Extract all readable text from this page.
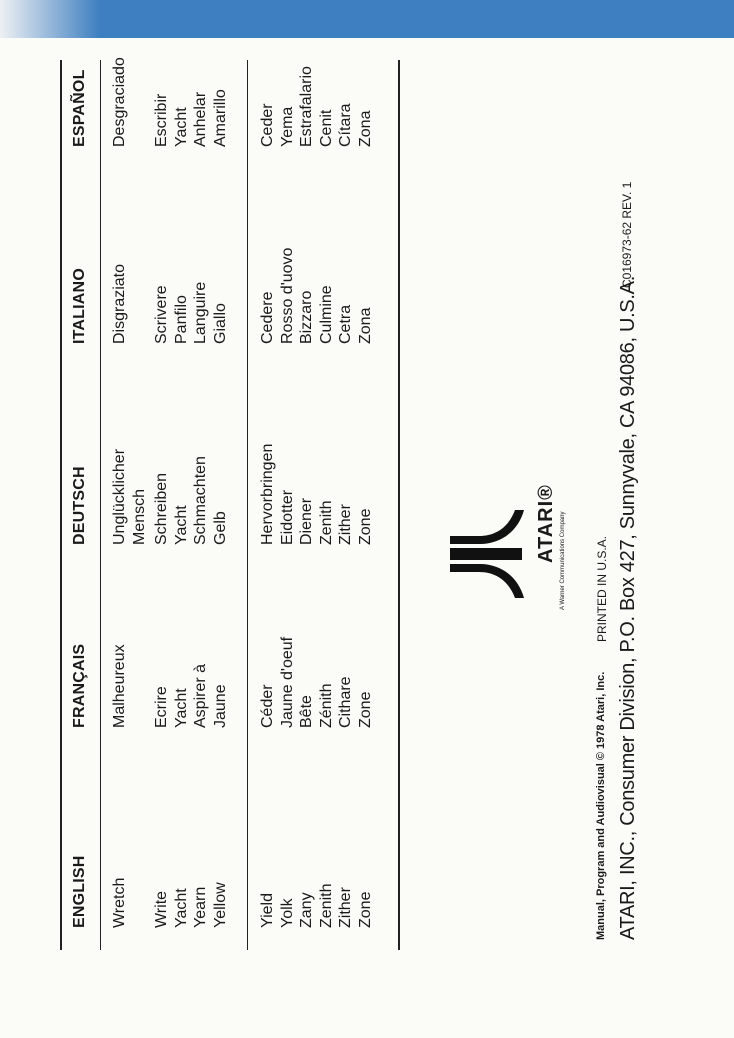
ENGLISH
FRANÇAIS
DEUTSCH
ITALIANO
ESPAÑOL
Wretch
Malheureux
Unglücklicher Mensch
Disgraziato
Desgraciado
Write
Ecrire
Schreiben
Scrivere
Escribir
Yacht
Yacht
Yacht
Panfilo
Yacht
Yearn
Aspirer à
Schmachten
Languire
Anhelar
Yellow
Jaune
Gelb
Giallo
Amarillo
Yield
Céder
Hervorbringen
Cedere
Ceder
Yolk
Jaune d'oeuf
Eidotter
Rosso d'uovo
Yema
Zany
Bête
Diener
Bizzaro
Estrafalario
Zenith
Zénith
Zenith
Culmine
Cenit
Zither
Cithare
Zither
Cetra
Cítara
Zone
Zone
Zone
Zona
Zona
ATARI® A Warner Communications Company
Manual, Program and Audiovisual © 1978 Atari, Inc.
PRINTED IN U.S.A. ATARI, INC., Consumer Division, P.O. Box 427, Sunnyvale, CA 94086, U.S.A.
C016973-62 REV. 1
